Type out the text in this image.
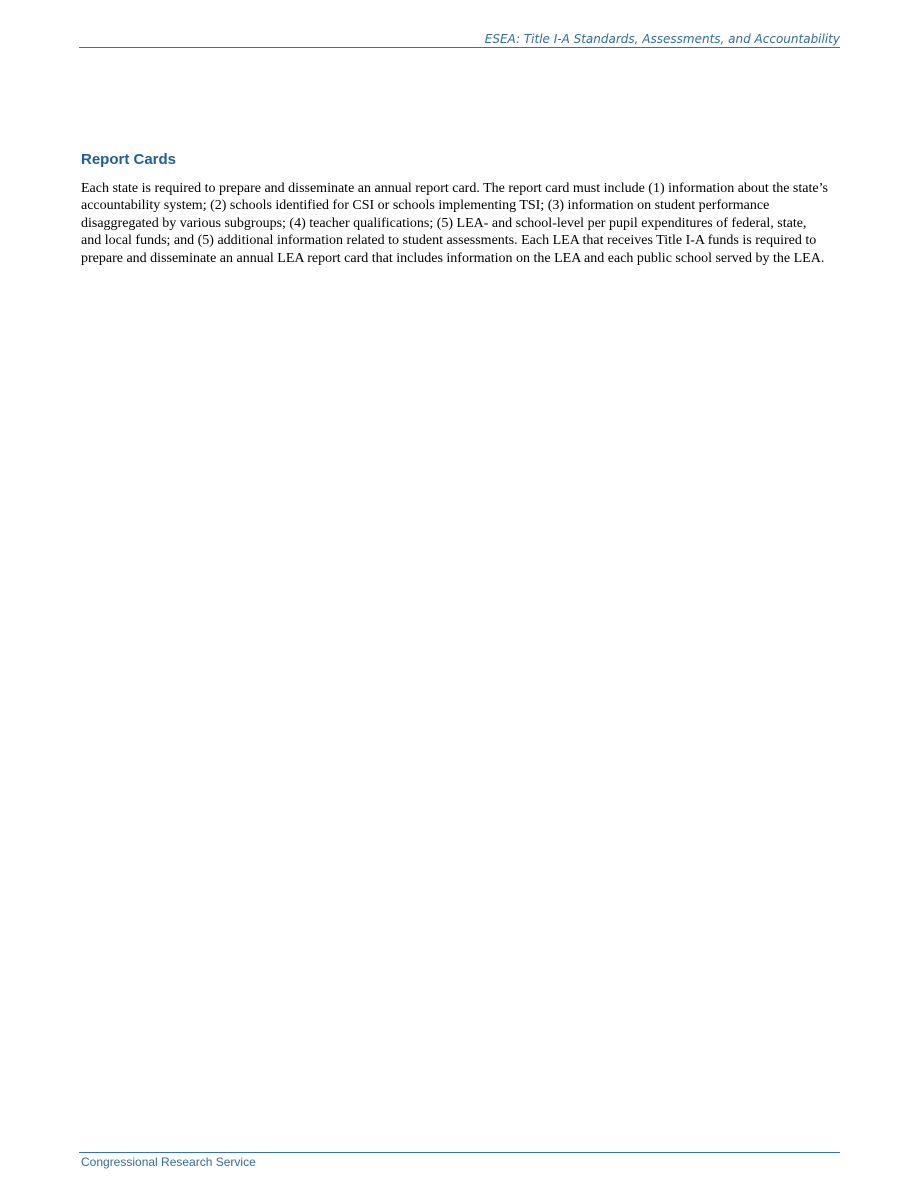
ESEA: Title I-A Standards, Assessments, and Accountability
Report Cards

Each state is required to prepare and disseminate an annual report card. The report card must include (1) information about the state’s accountability system; (2) schools identified for CSI or schools implementing TSI; (3) information on student performance disaggregated by various subgroups; (4) teacher qualifications; (5) LEA- and school-level per pupil expenditures of federal, state, and local funds; and (5) additional information related to student assessments. Each LEA that receives Title I-A funds is required to prepare and disseminate an annual LEA report card that includes information on the LEA and each public school served by the LEA.

Congressional Research Service
